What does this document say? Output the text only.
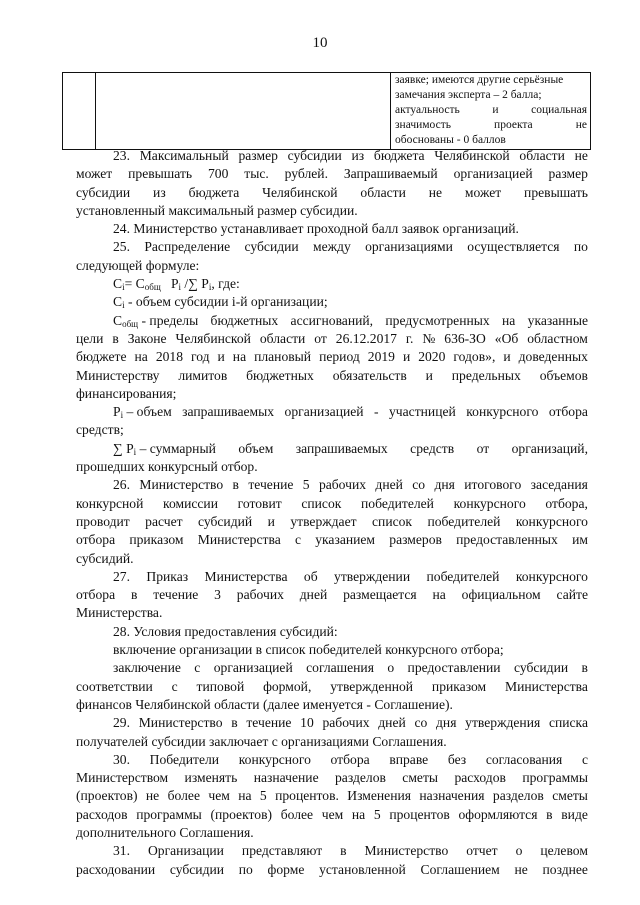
10

заявке; имеются другие серьёзные
замечания эксперта – 2 балла;
актуальность	и	социальная
значимость	проекта	не
обоснованы - 0 баллов
23. Максимальный размер субсидии из бюджета Челябинской области не
может превышать 700 тыс. рублей. Запрашиваемый организацией размер
субсидии из бюджета Челябинской области не может превышать
установленный максимальный размер субсидии.

24. Министерство устанавливает проходной балл заявок организаций.

25. Распределение субсидии между организациями осуществляется по
следующей формуле:

$C_i= C_{общ}$ $P_i$ /∑ $P_i$, где:

$C_i$ - объем субсидии i-й организации;

$C_{общ}$ - пределы бюджетных ассигнований, предусмотренных на указанные
цели в Законе Челябинской области от 26.12.2017 г. № 636-ЗО «Об областном
бюджете на 2018 год и на плановый период 2019 и 2020 годов», и доведенных
Министерству лимитов бюджетных обязательств и предельных объемов
финансирования;
$P_i$ – объем запрашиваемых организацией - участницей конкурсного отбора

средств;

∑ $P_i$ – суммарный объем запрашиваемых средств от организаций,

прошедших конкурсный отбор.

26. Министерство в течение 5 рабочих дней со дня итогового заседания
конкурсной комиссии готовит список победителей конкурсного отбора,
проводит расчет субсидий и утверждает список победителей конкурсного
отбора приказом Министерства с указанием размеров предоставленных им
субсидий.
27. Приказ Министерства об утверждении победителей конкурсного
отбора в течение 3 рабочих дней размещается на официальном сайте
Министерства.

28. Условия предоставления субсидий:

включение организации в список победителей конкурсного отбора;

заключение с организацией соглашения о предоставлении субсидии в
соответствии с типовой формой, утвержденной приказом Министерства
финансов Челябинской области (далее именуется - Соглашение).
29. Министерство в течение 10 рабочих дней со дня утверждения списка
получателей субсидии заключает с организациями Соглашения.
30. Победители конкурсного отбора вправе без согласования с
Министерством изменять назначение разделов сметы расходов программы
(проектов) не более чем на 5 процентов. Изменения назначения разделов сметы
расходов программы (проектов) более чем на 5 процентов оформляются в виде
дополнительного Соглашения.
31. Организации представляют в Министерство отчет о целевом
расходовании субсидии по форме установленной Соглашением не позднее
